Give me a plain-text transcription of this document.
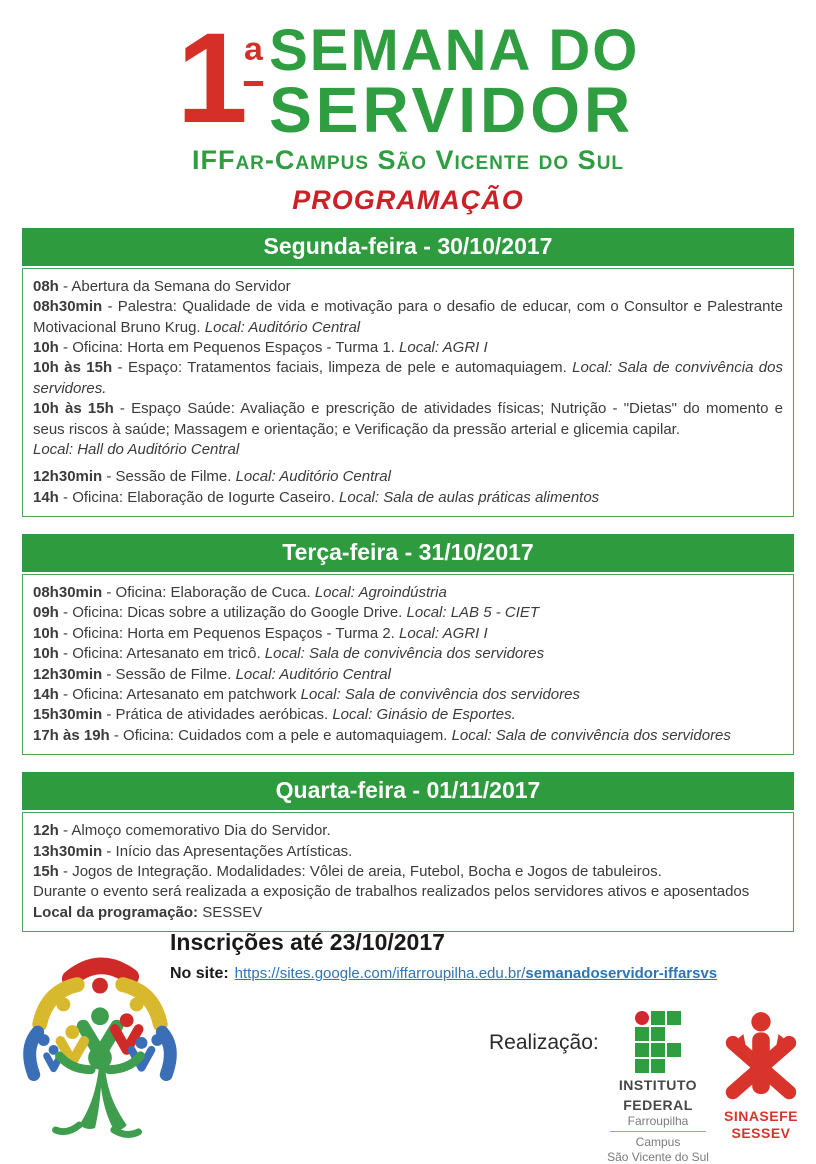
$1^ª$ SEMANA DO
SERVIDOR
IFFar-Campus São Vicente do Sul
PROGRAMAÇÃO
Segunda-feira - 30/10/2017

08h - Abertura da Semana do Servidor

08h30min - Palestra: Qualidade de vida e motivação para o desafio de educar, com o Consultor e Palestrante Motivacional Bruno Krug. Local: Auditório Central

10h - Oficina: Horta em Pequenos Espaços - Turma 1. Local: AGRI I

10h às 15h - Espaço: Tratamentos faciais, limpeza de pele e automaquiagem. Local: Sala de convivência dos servidores.

10h às 15h - Espaço Saúde: Avaliação e prescrição de atividades físicas; Nutrição - "Dietas" do momento e seus riscos à saúde; Massagem e orientação; e Verificação da pressão arterial e glicemia capilar.
Local: Hall do Auditório Central

12h30min - Sessão de Filme. Local: Auditório Central

14h - Oficina: Elaboração de Iogurte Caseiro. Local: Sala de aulas práticas alimentos

Terça-feira - 31/10/2017

08h30min - Oficina: Elaboração de Cuca. Local: Agroindústria

09h - Oficina: Dicas sobre a utilização do Google Drive. Local: LAB 5 - CIET

10h - Oficina: Horta em Pequenos Espaços - Turma 2. Local: AGRI I

10h - Oficina: Artesanato em tricô. Local: Sala de convivência dos servidores

12h30min - Sessão de Filme. Local: Auditório Central

14h - Oficina: Artesanato em patchwork Local: Sala de convivência dos servidores

15h30min - Prática de atividades aeróbicas. Local: Ginásio de Esportes.

17h às 19h - Oficina: Cuidados com a pele e automaquiagem. Local: Sala de convivência dos servidores

Quarta-feira - 01/11/2017

12h - Almoço comemorativo Dia do Servidor.

13h30min - Início das Apresentações Artísticas.

15h - Jogos de Integração. Modalidades: Vôlei de areia, Futebol, Bocha e Jogos de tabuleiros.

Durante o evento será realizada a exposição de trabalhos realizados pelos servidores ativos e aposentados

Local da programação: SESSEV

Inscrições até 23/10/2017
No site: https://sites.google.com/iffarroupilha.edu.br/semanadoservidor-iffarsvs
Realização:
INSTITUTO
FEDERAL
Farroupilha
Campus
São Vicente do Sul
SINASEFE
SESSEV
